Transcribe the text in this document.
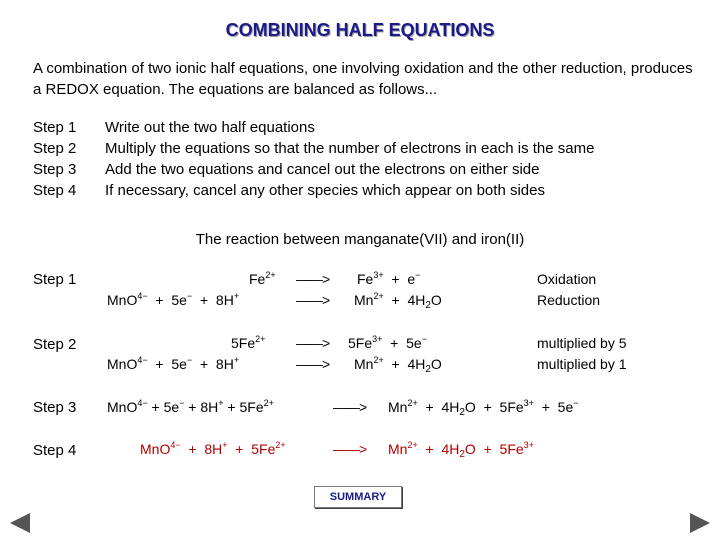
COMBINING HALF EQUATIONS
A combination of two ionic half equations, one involving oxidation and the other reduction, produces a REDOX equation. The equations are balanced as follows...
Step 1 Write out the two half equations
Step 2 Multiply the equations so that the number of electrons in each is the same
Step 3 Add the two equations and cancel out the electrons on either side
Step 4 If necessary, cancel any other species which appear on both sides
The reaction between manganate(VII) and iron(II)
Step 1	$Fe^{2+}$ ——> $Fe^{3+} + e^-$	Oxidation
MnO$^{4-}$  +  5e−  +  8H+	——> $Mn^{2+} + 4H_2O$	Reduction
Step 2	$5Fe^{2+}$ ——> $5Fe^{3+} + 5e^-$	multiplied by 5
MnO$^{4-}$  +  5e−  +  8H+	——> $Mn^{2+} + 4H_2O$	multiplied by 1
Step 3 $MnO^{4-} + 5e^- + 8H^+ + 5Fe^{2+}$	——> $Mn^{2+} + 4H_2O + 5Fe^{3+} + 5e^-$
Step 4	$MnO^{4-} + 8H^+ + 5Fe^{2+}$	——> $Mn^{2+} + 4H_2O + 5Fe^{3+}$
SUMMARY
